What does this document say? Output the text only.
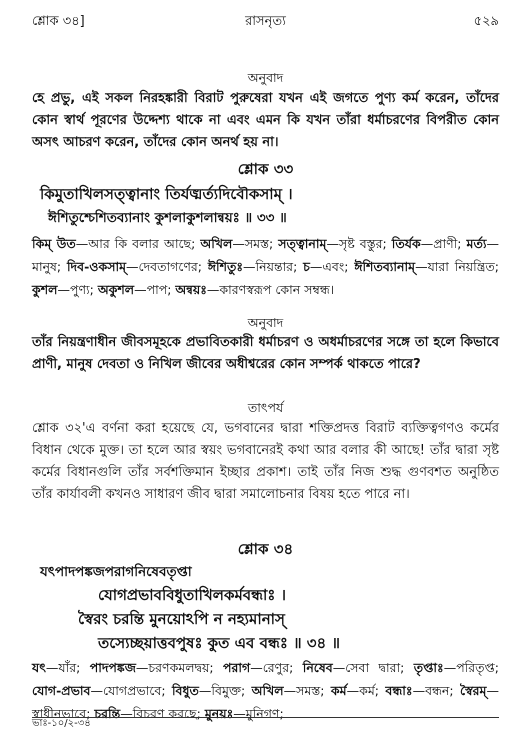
শ্লোক ৩৪]	রাসনৃত্য	৫২৯
অনুবাদ
হে প্রভু, এই সকল নিরহঙ্কারী বিরাট পুরুষেরা যখন এই জগতে পুণ্য কর্ম করেন, তাঁদের কোন স্বার্থ পূরণের উদ্দেশ্য থাকে না এবং এমন কি যখন তাঁরা ধর্মাচরণের বিপরীত কোন অসৎ আচরণ করেন, তাঁদের কোন অনর্থ হয় না।
শ্লোক ৩৩
কিমুতাখিলসত্ত্বানাং তির্যঙ্মর্ত্যদিবৌকসাম্‌ ।
ঈশিতুশ্চেশিতব্যানাং কুশলাকুশলান্বয়ঃ ॥ ৩৩ ॥
কিম্ উত—আর কি বলার আছে; অখিল—সমস্ত; সত্ত্বানাম্—সৃষ্ট বস্তুর; তির্যক—প্রাণী; মর্ত্য—মানুষ; দিব-ওকসাম্—দেবতাগণের; ঈশিতুঃ—নিয়ন্তার; চ—এবং; ঈশিতব্যানাম্—যারা নিয়ন্ত্রিত; কুশল—পুণ্য; অকুশল—পাপ; অন্বয়ঃ—কারণস্বরূপ কোন সম্বন্ধ।
অনুবাদ
তাঁর নিয়ন্ত্রণাধীন জীবসমূহকে প্রভাবিতকারী ধর্মাচরণ ও অধর্মাচরণের সঙ্গে তা হলে কিভাবে প্রাণী, মানুষ দেবতা ও নিখিল জীবের অধীশ্বরের কোন সম্পর্ক থাকতে পারে?
তাৎপর্য
শ্লোক ৩২'এ বর্ণনা করা হয়েছে যে, ভগবানের দ্বারা শক্তিপ্রদত্ত বিরাট ব্যক্তিত্বগণও কর্মের বিধান থেকে মুক্ত। তা হলে আর স্বয়ং ভগবানেরই কথা আর বলার কী আছে! তাঁর দ্বারা সৃষ্ট কর্মের বিধানগুলি তাঁর সর্বশক্তিমান ইচ্ছার প্রকাশ। তাই তাঁর নিজ শুদ্ধ গুণবশত অনুষ্ঠিত তাঁর কার্যাবলী কখনও সাধারণ জীব দ্বারা সমালোচনার বিষয় হতে পারে না।
শ্লোক ৩৪
যৎপাদপঙ্কজপরাগনিষেবতৃপ্তা
যোগপ্রভাববিধুতাখিলকর্মবন্ধাঃ ।
স্বৈরং চরন্তি মুনয়োঽপি ন নহ্যমানাস্‌
তস্যেচ্ছয়াত্তবপুষঃ কুত এব বন্ধঃ ॥ ৩৪ ॥
যৎ—যাঁর; পাদপঙ্কজ—চরণকমলদ্বয়; পরাগ—রেণুর; নিষেব—সেবা দ্বারা; তৃপ্তাঃ—পরিতৃপ্ত; যোগ-প্রভাব—যোগপ্রভাবে; বিধুত—বিমুক্ত; অখিল—সমস্ত; কর্ম—কর্ম; বন্ধাঃ—বন্ধন; স্বৈরম্—স্বাধীনভাবে; চরন্তি—বিচরণ করছে; মুনয়ঃ—মুনিগণ;
ভাঃ-১০/২-৩৪
